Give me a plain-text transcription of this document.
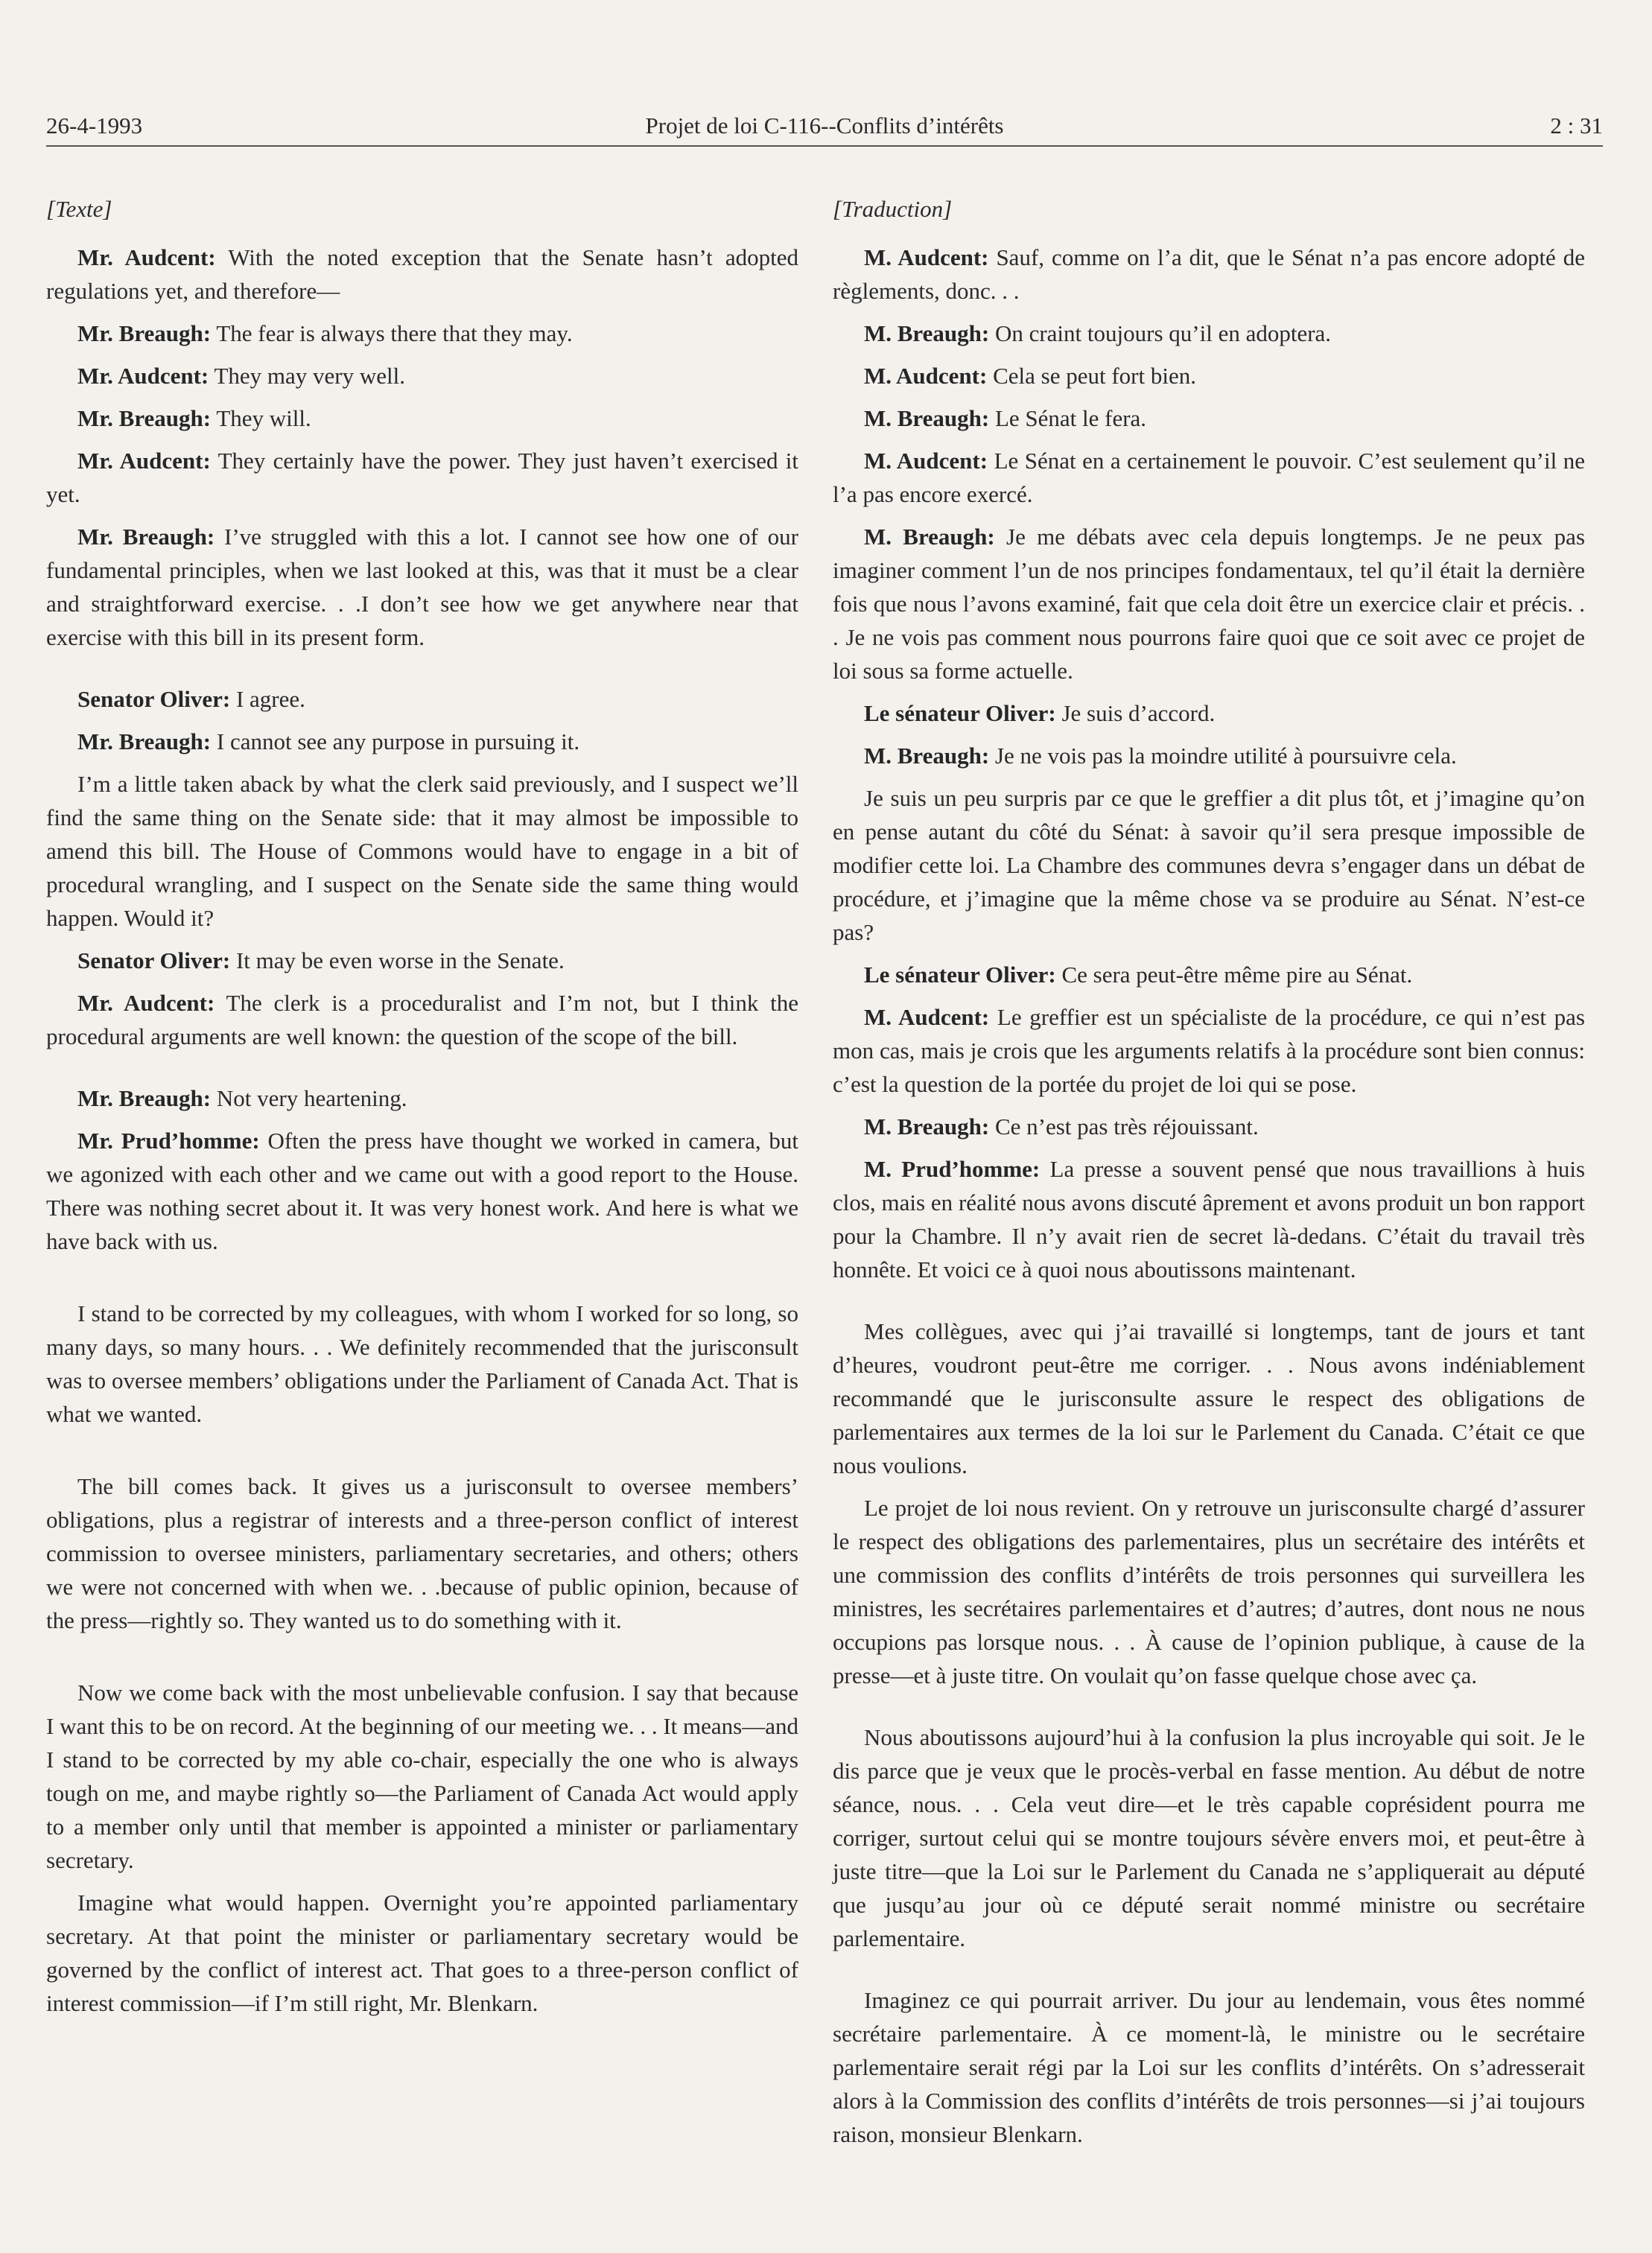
26-4-1993	Projet de loi C-116--Conflits d’intérêts	2 : 31
[Texte]

Mr. Audcent: With the noted exception that the Senate hasn’t adopted regulations yet, and therefore—

Mr. Breaugh: The fear is always there that they may.

Mr. Audcent: They may very well.

Mr. Breaugh: They will.

Mr. Audcent: They certainly have the power. They just haven’t exercised it yet.

Mr. Breaugh: I’ve struggled with this a lot. I cannot see how one of our fundamental principles, when we last looked at this, was that it must be a clear and straightforward exercise. . .I don’t see how we get anywhere near that exercise with this bill in its present form.

Senator Oliver: I agree.

Mr. Breaugh: I cannot see any purpose in pursuing it.

I’m a little taken aback by what the clerk said previously, and I suspect we’ll find the same thing on the Senate side: that it may almost be impossible to amend this bill. The House of Commons would have to engage in a bit of procedural wrangling, and I suspect on the Senate side the same thing would happen. Would it?

Senator Oliver: It may be even worse in the Senate.

Mr. Audcent: The clerk is a proceduralist and I’m not, but I think the procedural arguments are well known: the question of the scope of the bill.

Mr. Breaugh: Not very heartening.

Mr. Prud’homme: Often the press have thought we worked in camera, but we agonized with each other and we came out with a good report to the House. There was nothing secret about it. It was very honest work. And here is what we have back with us.

I stand to be corrected by my colleagues, with whom I worked for so long, so many days, so many hours. . . We definitely recommended that the jurisconsult was to oversee members’ obligations under the Parliament of Canada Act. That is what we wanted.

The bill comes back. It gives us a jurisconsult to oversee members’ obligations, plus a registrar of interests and a three-person conflict of interest commission to oversee ministers, parliamentary secretaries, and others; others we were not concerned with when we. . .because of public opinion, because of the press—rightly so. They wanted us to do something with it.

Now we come back with the most unbelievable confusion. I say that because I want this to be on record. At the beginning of our meeting we. . . It means—and I stand to be corrected by my able co-chair, especially the one who is always tough on me, and maybe rightly so—the Parliament of Canada Act would apply to a member only until that member is appointed a minister or parliamentary secretary.

Imagine what would happen. Overnight you’re appointed parliamentary secretary. At that point the minister or parliamentary secretary would be governed by the conflict of interest act. That goes to a three-person conflict of interest commission—if I’m still right, Mr. Blenkarn.

[Traduction]

M. Audcent: Sauf, comme on l’a dit, que le Sénat n’a pas encore adopté de règlements, donc. . .

M. Breaugh: On craint toujours qu’il en adoptera.

M. Audcent: Cela se peut fort bien.

M. Breaugh: Le Sénat le fera.

M. Audcent: Le Sénat en a certainement le pouvoir. C’est seulement qu’il ne l’a pas encore exercé.

M. Breaugh: Je me débats avec cela depuis longtemps. Je ne peux pas imaginer comment l’un de nos principes fondamentaux, tel qu’il était la dernière fois que nous l’avons examiné, fait que cela doit être un exercice clair et précis. . . Je ne vois pas comment nous pourrons faire quoi que ce soit avec ce projet de loi sous sa forme actuelle.

Le sénateur Oliver: Je suis d’accord.

M. Breaugh: Je ne vois pas la moindre utilité à poursuivre cela.

Je suis un peu surpris par ce que le greffier a dit plus tôt, et j’imagine qu’on en pense autant du côté du Sénat: à savoir qu’il sera presque impossible de modifier cette loi. La Chambre des communes devra s’engager dans un débat de procédure, et j’imagine que la même chose va se produire au Sénat. N’est-ce pas?

Le sénateur Oliver: Ce sera peut-être même pire au Sénat.

M. Audcent: Le greffier est un spécialiste de la procédure, ce qui n’est pas mon cas, mais je crois que les arguments relatifs à la procédure sont bien connus: c’est la question de la portée du projet de loi qui se pose.

M. Breaugh: Ce n’est pas très réjouissant.

M. Prud’homme: La presse a souvent pensé que nous travaillions à huis clos, mais en réalité nous avons discuté âprement et avons produit un bon rapport pour la Chambre. Il n’y avait rien de secret là-dedans. C’était du travail très honnête. Et voici ce à quoi nous aboutissons maintenant.

Mes collègues, avec qui j’ai travaillé si longtemps, tant de jours et tant d’heures, voudront peut-être me corriger. . . Nous avons indéniablement recommandé que le jurisconsulte assure le respect des obligations de parlementaires aux termes de la loi sur le Parlement du Canada. C’était ce que nous voulions.

Le projet de loi nous revient. On y retrouve un jurisconsulte chargé d’assurer le respect des obligations des parlementaires, plus un secrétaire des intérêts et une commission des conflits d’intérêts de trois personnes qui surveillera les ministres, les secrétaires parlementaires et d’autres; d’autres, dont nous ne nous occupions pas lorsque nous. . . À cause de l’opinion publique, à cause de la presse—et à juste titre. On voulait qu’on fasse quelque chose avec ça.

Nous aboutissons aujourd’hui à la confusion la plus incroyable qui soit. Je le dis parce que je veux que le procès-verbal en fasse mention. Au début de notre séance, nous. . . Cela veut dire—et le très capable coprésident pourra me corriger, surtout celui qui se montre toujours sévère envers moi, et peut-être à juste titre—que la Loi sur le Parlement du Canada ne s’appliquerait au député que jusqu’au jour où ce député serait nommé ministre ou secrétaire parlementaire.

Imaginez ce qui pourrait arriver. Du jour au lendemain, vous êtes nommé secrétaire parlementaire. À ce moment-là, le ministre ou le secrétaire parlementaire serait régi par la Loi sur les conflits d’intérêts. On s’adresserait alors à la Commission des conflits d’intérêts de trois personnes—si j’ai toujours raison, monsieur Blenkarn.
